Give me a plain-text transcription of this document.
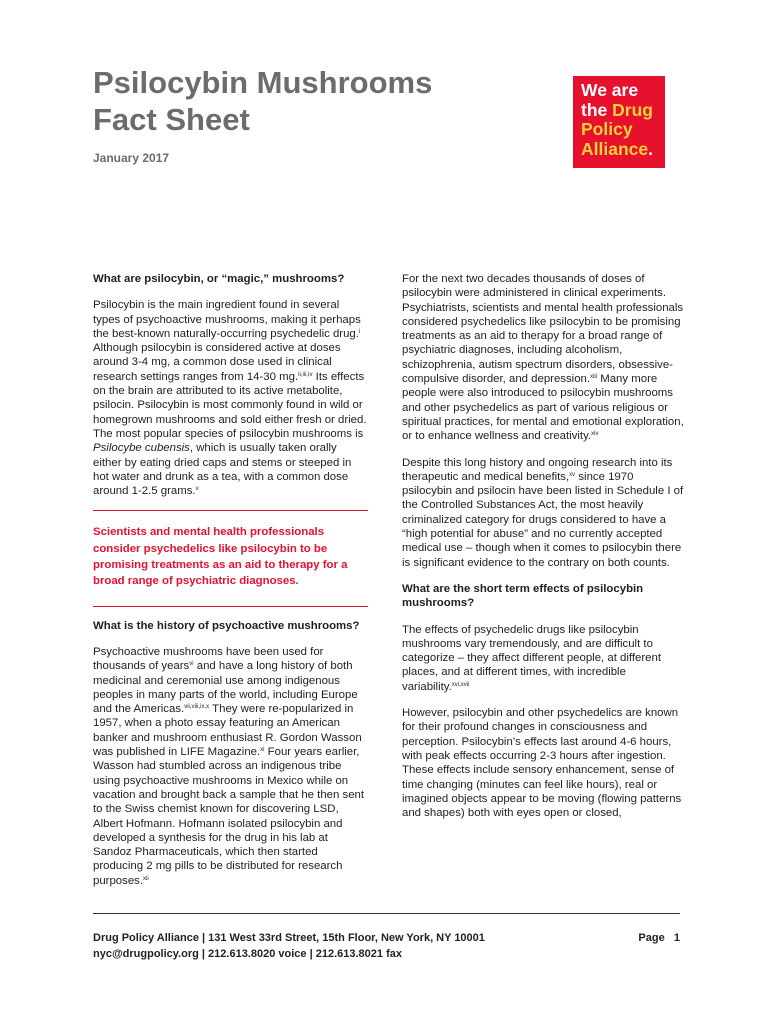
Psilocybin Mushrooms
Fact Sheet
January 2017
We are
the Drug
Policy
Alliance.
What are psilocybin, or “magic,” mushrooms?

Psilocybin is the main ingredient found in several types of psychoactive mushrooms, making it perhaps the best-known naturally-occurring psychedelic drug.$^i$ Although psilocybin is considered active at doses around 3-4 mg, a common dose used in clinical research settings ranges from 14-30 mg.$^{ii,iii,iv}$ Its effects on the brain are attributed to its active metabolite, psilocin. Psilocybin is most commonly found in wild or homegrown mushrooms and sold either fresh or dried. The most popular species of psilocybin mushrooms is Psilocybe cubensis, which is usually taken orally either by eating dried caps and stems or steeped in hot water and drunk as a tea, with a common dose around 1-2.5 grams.$^v$

Scientists and mental health professionals consider psychedelics like psilocybin to be promising treatments as an aid to therapy for a broad range of psychiatric diagnoses.

What is the history of psychoactive mushrooms?

Psychoactive mushrooms have been used for thousands of years$^{vi}$ and have a long history of both medicinal and ceremonial use among indigenous peoples in many parts of the world, including Europe and the Americas.$^{vii,viii,ix,x}$ They were re-popularized in 1957, when a photo essay featuring an American banker and mushroom enthusiast R. Gordon Wasson was published in LIFE Magazine.$^{xi}$ Four years earlier, Wasson had stumbled across an indigenous tribe using psychoactive mushrooms in Mexico while on vacation and brought back a sample that he then sent to the Swiss chemist known for discovering LSD, Albert Hofmann. Hofmann isolated psilocybin and developed a synthesis for the drug in his lab at Sandoz Pharmaceuticals, which then started producing 2 mg pills to be distributed for research purposes.$^{xii}$

For the next two decades thousands of doses of psilocybin were administered in clinical experiments. Psychiatrists, scientists and mental health professionals considered psychedelics like psilocybin to be promising treatments as an aid to therapy for a broad range of psychiatric diagnoses, including alcoholism, schizophrenia, autism spectrum disorders, obsessive-compulsive disorder, and depression.$^{xiii}$ Many more people were also introduced to psilocybin mushrooms and other psychedelics as part of various religious or spiritual practices, for mental and emotional exploration, or to enhance wellness and creativity.$^{xiv}$

Despite this long history and ongoing research into its therapeutic and medical benefits,$^{xv}$ since 1970 psilocybin and psilocin have been listed in Schedule I of the Controlled Substances Act, the most heavily criminalized category for drugs considered to have a “high potential for abuse” and no currently accepted medical use – though when it comes to psilocybin there is significant evidence to the contrary on both counts.

What are the short term effects of psilocybin mushrooms?

The effects of psychedelic drugs like psilocybin mushrooms vary tremendously, and are difficult to categorize – they affect different people, at different places, and at different times, with incredible variability.$^{xvi,xvii}$

However, psilocybin and other psychedelics are known for their profound changes in consciousness and perception. Psilocybin’s effects last around 4-6 hours, with peak effects occurring 2-3 hours after ingestion. These effects include sensory enhancement, sense of time changing (minutes can feel like hours), real or imagined objects appear to be moving (flowing patterns and shapes) both with eyes open or closed,

Drug Policy Alliance | 131 West 33rd Street, 15th Floor, New York, NY 10001
nyc@drugpolicy.org | 212.613.8020 voice | 212.613.8021 fax
Page   1
